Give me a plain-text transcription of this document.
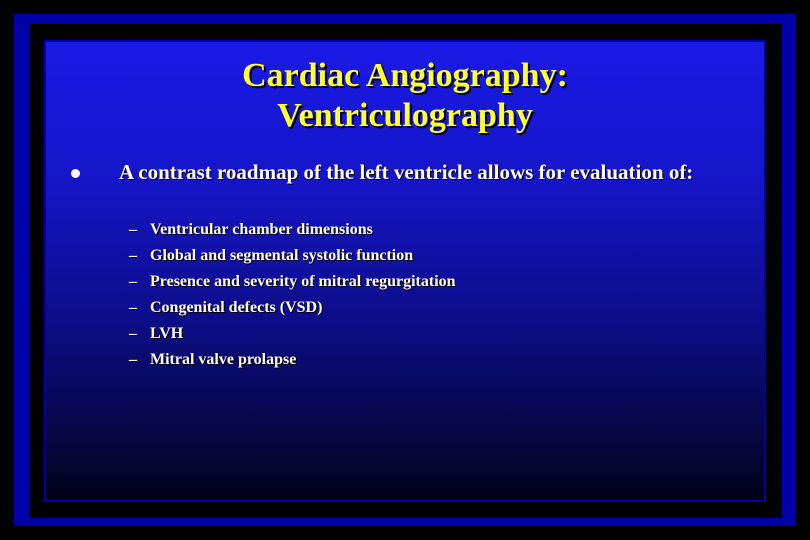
Cardiac Angiography:
Ventriculography
A contrast roadmap of the left ventricle allows for evaluation of:
– Ventricular chamber dimensions
– Global and segmental systolic function
– Presence and severity of mitral regurgitation
– Congenital defects (VSD)
– LVH
– Mitral valve prolapse
